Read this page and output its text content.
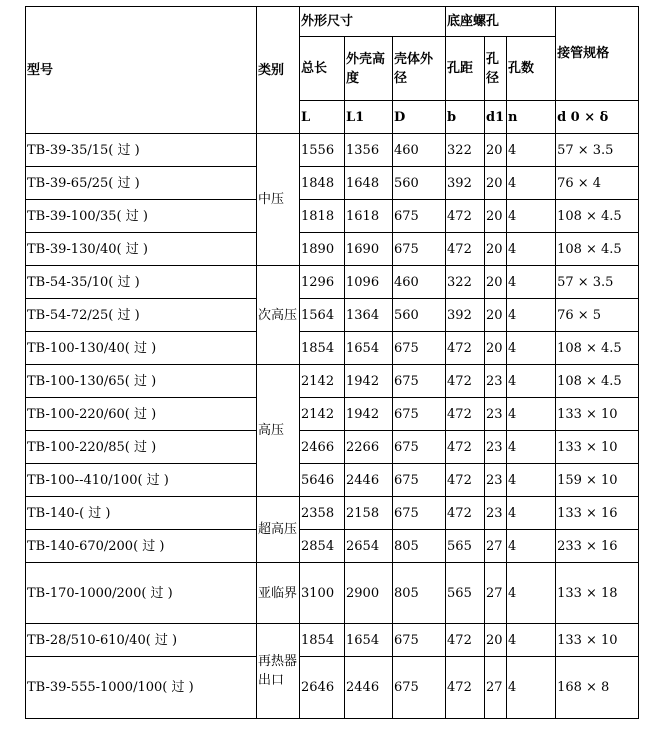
型号	类别	外形尺寸			底座螺孔			接管规格
		总长	外壳高度	壳体外径	孔距	孔径	孔数	
		L	L1	D	b	d1	n	d 0 × δ
TB-39-35/15( 过 )	中压	1556	1356	460	322	20	4	57 × 3.5
TB-39-65/25( 过 )		1848	1648	560	392	20	4	76 × 4
TB-39-100/35( 过 )		1818	1618	675	472	20	4	108 × 4.5
TB-39-130/40( 过 )		1890	1690	675	472	20	4	108 × 4.5
TB-54-35/10( 过 )	次高压	1296	1096	460	322	20	4	57 × 3.5
TB-54-72/25( 过 )		1564	1364	560	392	20	4	76 × 5
TB-100-130/40( 过 )		1854	1654	675	472	20	4	108 × 4.5
TB-100-130/65( 过 )	高压	2142	1942	675	472	23	4	108 × 4.5
TB-100-220/60( 过 )		2142	1942	675	472	23	4	133 × 10
TB-100-220/85( 过 )		2466	2266	675	472	23	4	133 × 10
TB-100--410/100( 过 )		5646	2446	675	472	23	4	159 × 10
TB-140-( 过 )	超高压	2358	2158	675	472	23	4	133 × 16
TB-140-670/200( 过 )		2854	2654	805	565	27	4	233 × 16
TB-170-1000/200( 过 )	亚临界	3100	2900	805	565	27	4	133 × 18
TB-28/510-610/40( 过 )	再热器出口	1854	1654	675	472	20	4	133 × 10
TB-39-555-1000/100( 过 )		2646	2446	675	472	27	4	168 × 8
